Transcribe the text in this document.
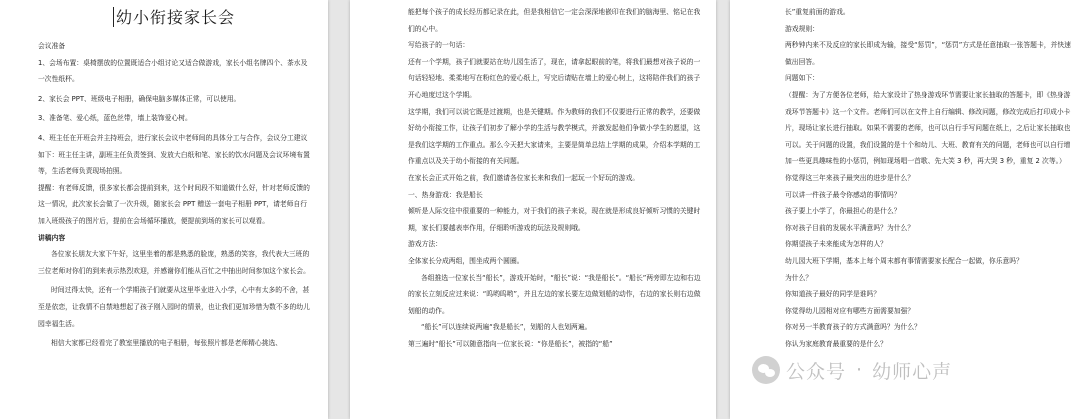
幼小衔接家长会

会议准备

1、会场布置：桌椅摆放的位置既适合小组讨论又适合做游戏，家长小组名牌四个、茶水及一次性纸杯。

2、家长会 PPT、班级电子相册，确保电脑多媒体正常，可以使用。

3、准备笔、爱心纸，蓝色丝带，墙上装饰爱心树。

4、班主任在开班会并主持班会，进行家长会议中老师间的具体分工与合作，会议分工建议如下：班主任主讲，副班主任负责签到、发放大白纸和笔、家长的饮水问题及会议环境布置等，生活老师负责现场拍照。

提醒：有老师反馈，很多家长都会提前到来，这个时间段不知道做什么好，针对老师反馈的这一情况，此次家长会做了一次升级，随家长会 PPT 赠送一套电子相册 PPT，请老师自行加入班级孩子的图片后，提前在会场循环播放，便提前到场的家长可以观看。

讲稿内容

各位家长朋友大家下午好，这里坐着的都是熟悉的脸庞，熟悉的笑容，我代表大三班的三位老师对你们的到来表示热烈欢迎，并感谢你们能从百忙之中抽出时间参加这个家长会。

时间过得太快，还有一个学期孩子们就要从这里毕业进入小学，心中有太多的不舍，甚至是依恋，让我情不自禁地想起了孩子刚入园时的情景，也让我们更加珍惜为数不多的幼儿园幸福生活。

相信大家都已经看完了教室里播放的电子相册，每张照片都是老师精心挑选、

能把每个孩子的成长经历都记录在此，但是我相信它一定会深深地嵌印在我们的脑海里、铭记在我们的心中。

写给孩子的一句话：

还有一个学期，孩子们就要站在幼儿园生活了，现在，请拿起眼前的笔，将我们最想对孩子说的一句话轻轻地、柔柔地写在粉红色的爱心纸上，写完后请贴在墙上的爱心树上，这将陪伴我们的孩子开心地度过这个学期。

这学期，我们可以说它既是过渡期，也是关键期。作为教师的我们不仅要进行正常的教学，还要做好幼小衔接工作，让孩子们初步了解小学的生活与教学模式，并激发起他们争做小学生的愿望，这是我们这学期的工作重点。那么今天把大家请来，主要是简单总结上学期的成果，介绍本学期的工作重点以及关于幼小衔接的有关问题。

在家长会正式开始之前，我们邀请各位家长来和我们一起玩一个好玩的游戏。

一、热身游戏：我是船长

倾听是人际交往中很重要的一种能力，对于我们的孩子来说，现在就是形成良好倾听习惯的关键时期，家长们要越表率作用，仔细聆听游戏的玩法及规则哦。

游戏方法：

全体家长分成两组，围坐成两个圆圈。

各组推选一位家长当“船长”，游戏开始时，“船长”说：“我是船长”。“船长”两旁即左边和右边的家长立刻反应过来说：“呜哟呜哟”，并且左边的家长要左边做划船的动作，右边的家长则右边做划船的动作。

“船长”可以连续说两遍“我是船长”，划船的人也划两遍。

第三遍时“船长”可以随意指向一位家长说：“你是船长”，被指的“船”

长”重复前面的游戏。

游戏规则：

两秒钟内来不及反应的家长即成为输，接受“惩罚”，“惩罚”方式是任意抽取一张答题卡，并快速做出回答。

问题如下：

（提醒：为了方便各位老师，给大家设计了热身游戏环节需要让家长抽取的答题卡，即《热身游戏环节答题卡》这一个文件。老师们可以在文件上自行编辑、修改问题，修改完成后打印成小卡片，现场让家长进行抽取。如果不需要的老师，也可以自行手写问题在纸上，之后让家长抽取也可以。关于问题的设置，我们设置的是十个和幼儿、大班、教育有关的问题，老师也可以自行增加一些更具趣味性的小惩罚，例如现场唱一首歌、先大笑 3 秒，再大哭 3 秒，重复 2 次等。）

你觉得这三年来孩子最突出的进步是什么？

可以讲一件孩子最令你感动的事情吗？

孩子要上小学了，你最担心的是什么？

你对孩子目前的发展水平满意吗？为什么？

你期望孩子未来能成为怎样的人？

幼儿园大班下学期，基本上每个周末都有事情需要家长配合一起做，你乐意吗？

为什么？

你知道孩子最好的同学是谁吗？

你觉得幼儿园相对应有哪些方面需要加强？

你对另一半教育孩子的方式满意吗？为什么？

你认为家庭教育最重要的是什么？

公众号 · 幼师心声
